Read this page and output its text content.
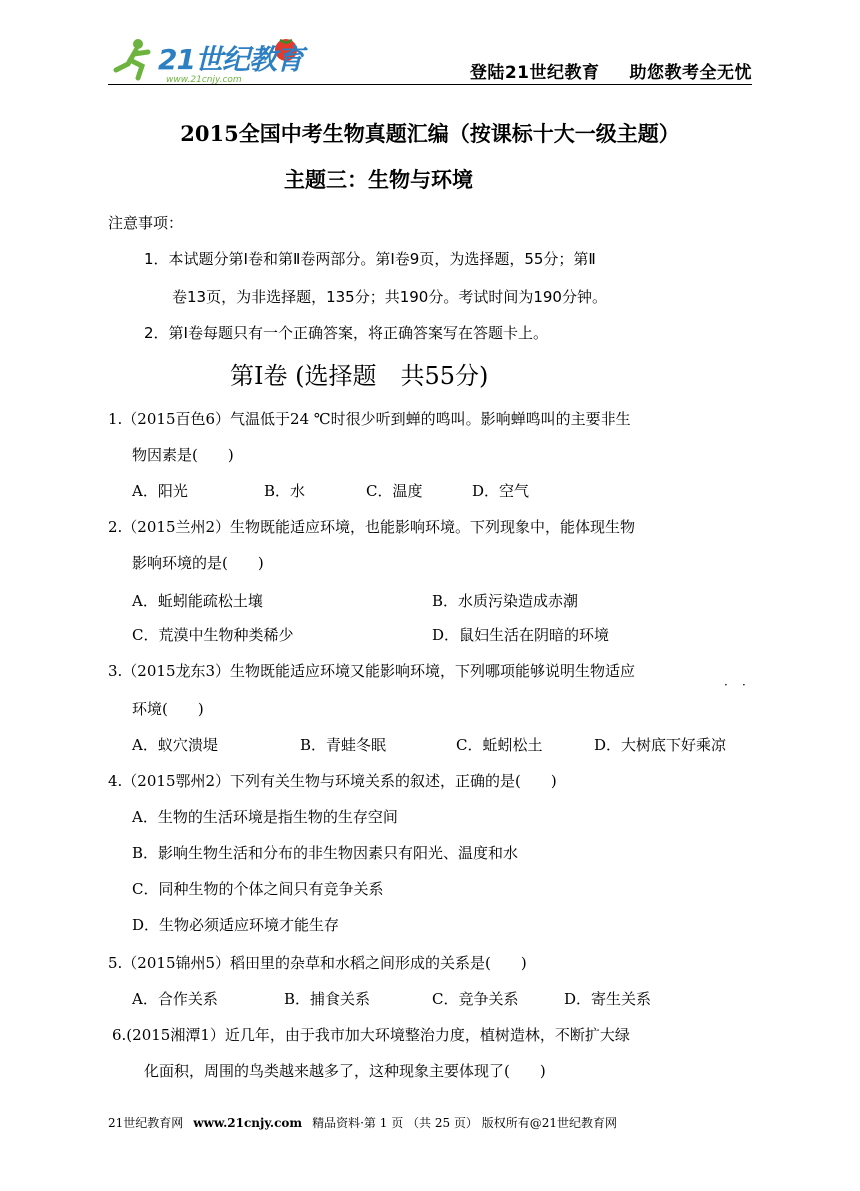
www.21cnjy.com
21世纪教育	登陆21世纪教育 助您教考全无忧
2015全国中考生物真题汇编（按课标十大一级主题）
主题三：生物与环境
注意事项：
1．本试题分第Ⅰ卷和第Ⅱ卷两部分。第Ⅰ卷9页，为选择题，55分；第Ⅱ
卷13页，为非选择题，135分；共190分。考试时间为190分钟。
2．第Ⅰ卷每题只有一个正确答案，将正确答案写在答题卡上。
第Ⅰ卷 (选择题　共55分)
1.（2015百色6）气温低于24 ℃时很少听到蝉的鸣叫。影响蝉鸣叫的主要非生
物因素是(　　)
A．阳光	B．水	C．温度	D．空气
2.（2015兰州2）生物既能适应环境，也能影响环境。下列现象中，能体现生物
影响环境的是(　　)
A．蚯蚓能疏松土壤	B．水质污染造成赤潮
C．荒漠中生物种类稀少	D．鼠妇生活在阴暗的环境
3.（2015龙东3）生物既能适应环境又能影响环境，下列哪项能够说明生物适应
· ·
环境(　　)
A．蚁穴溃堤	B．青蛙冬眠	C．蚯蚓松土	D．大树底下好乘凉
4.（2015鄂州2）下列有关生物与环境关系的叙述，正确的是(　　)
A．生物的生活环境是指生物的生存空间
B．影响生物生活和分布的非生物因素只有阳光、温度和水
C．同种生物的个体之间只有竞争关系
D．生物必须适应环境才能生存
5.（2015锦州5）稻田里的杂草和水稻之间形成的关系是(　　)
A．合作关系	B．捕食关系	C．竞争关系	D．寄生关系
6.(2015湘潭1）近几年，由于我市加大环境整治力度，植树造林，不断扩大绿
化面积，周围的鸟类越来越多了，这种现象主要体现了(　　)
21世纪教育网 www.21cnjy.com 精品资料·第 1 页 （共 25 页） 版权所有@21世纪教育网
